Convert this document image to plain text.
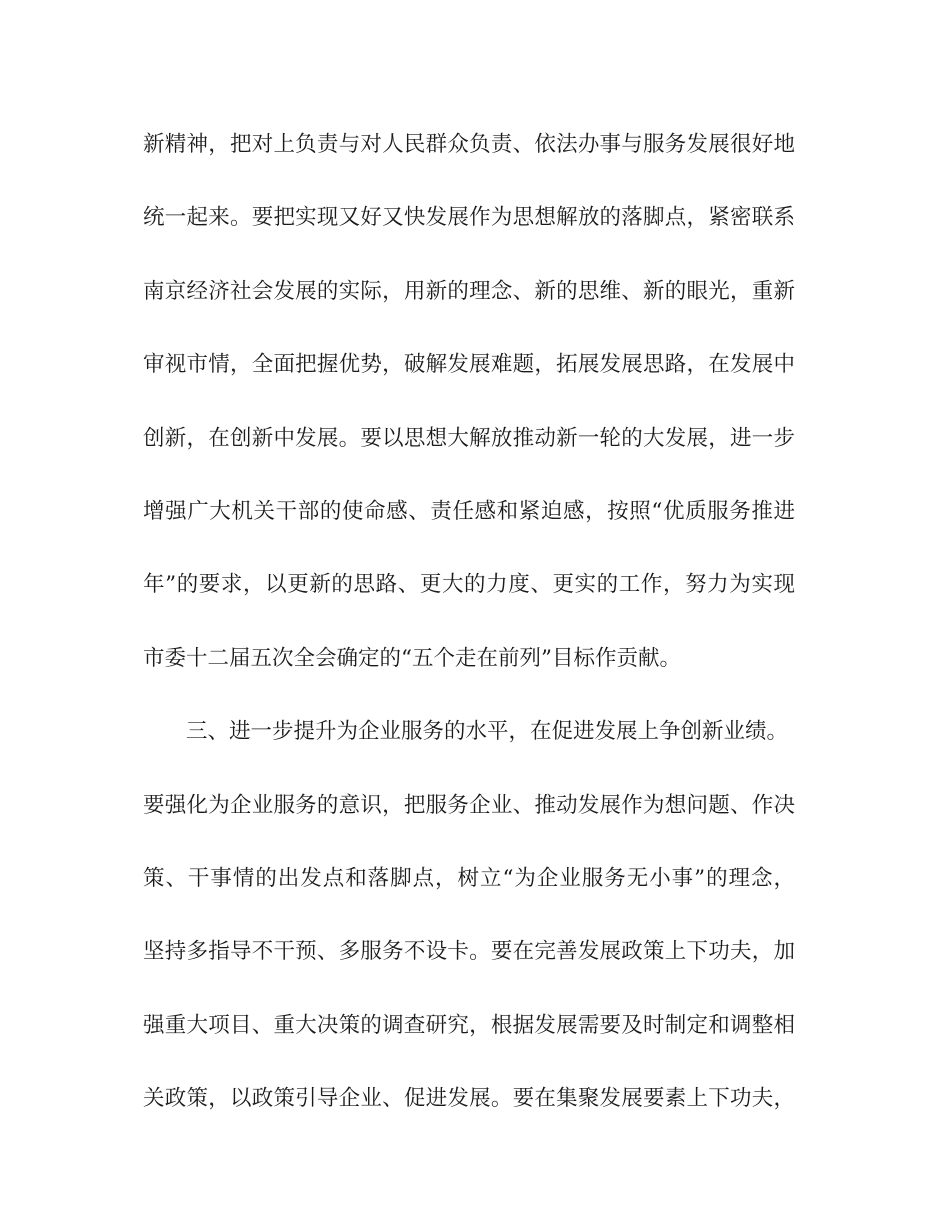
新精神，把对上负责与对人民群众负责、依法办事与服务发展很好地
统一起来。要把实现又好又快发展作为思想解放的落脚点，紧密联系
南京经济社会发展的实际，用新的理念、新的思维、新的眼光，重新
审视市情，全面把握优势，破解发展难题，拓展发展思路，在发展中
创新，在创新中发展。要以思想大解放推动新一轮的大发展，进一步
增强广大机关干部的使命感、责任感和紧迫感，按照“优质服务推进
年”的要求，以更新的思路、更大的力度、更实的工作，努力为实现
市委十二届五次全会确定的“五个走在前列”目标作贡献。
三、进一步提升为企业服务的水平，在促进发展上争创新业绩。
要强化为企业服务的意识，把服务企业、推动发展作为想问题、作决
策、干事情的出发点和落脚点，树立“为企业服务无小事”的理念，
坚持多指导不干预、多服务不设卡。要在完善发展政策上下功夫，加
强重大项目、重大决策的调查研究，根据发展需要及时制定和调整相
关政策，以政策引导企业、促进发展。要在集聚发展要素上下功夫，
